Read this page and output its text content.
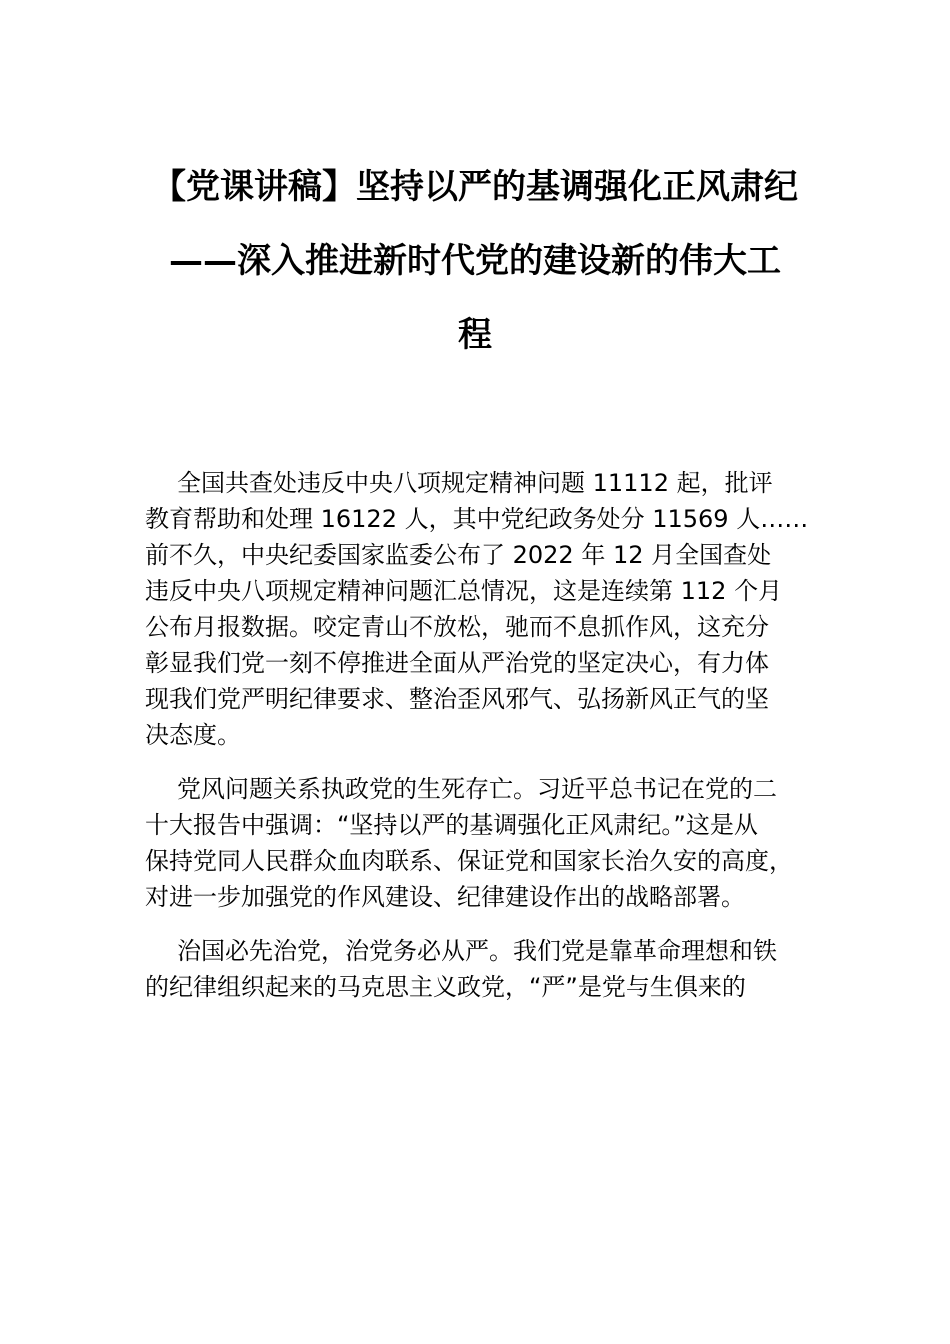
【党课讲稿】坚持以严的基调强化正风肃纪
——深入推进新时代党的建设新的伟大工
程
全国共查处违反中央八项规定精神问题 11112 起，批评
教育帮助和处理 16122 人，其中党纪政务处分 11569 人……
前不久，中央纪委国家监委公布了 2022 年 12 月全国查处
违反中央八项规定精神问题汇总情况，这是连续第 112 个月
公布月报数据。咬定青山不放松，驰而不息抓作风，这充分
彰显我们党一刻不停推进全面从严治党的坚定决心，有力体
现我们党严明纪律要求、整治歪风邪气、弘扬新风正气的坚
决态度。
党风问题关系执政党的生死存亡。习近平总书记在党的二
十大报告中强调：“坚持以严的基调强化正风肃纪。”这是从
保持党同人民群众血肉联系、保证党和国家长治久安的高度，
对进一步加强党的作风建设、纪律建设作出的战略部署。
治国必先治党，治党务必从严。我们党是靠革命理想和铁
的纪律组织起来的马克思主义政党，“严”是党与生俱来的
